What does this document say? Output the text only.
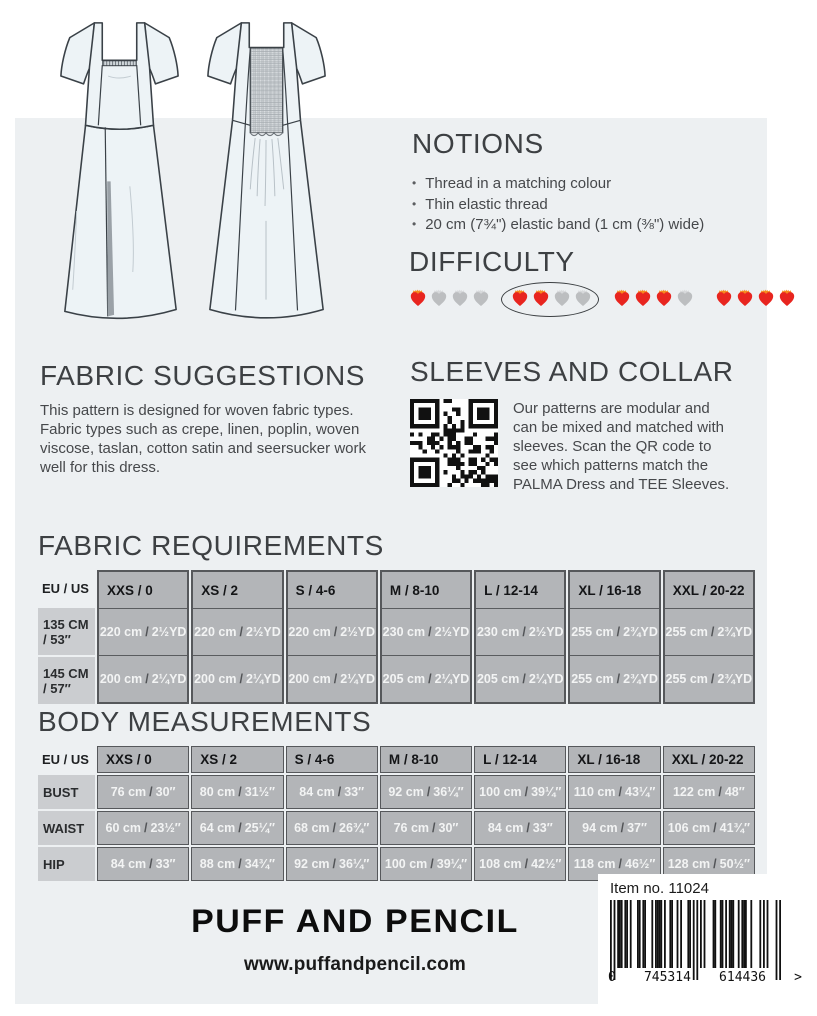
NOTIONS
• Thread in a matching colour
• Thin elastic thread
• 20 cm (7¾") elastic band (1 cm (⅜") wide)
DIFFICULTY
FABRIC SUGGESTIONS

This pattern is designed for woven fabric types. Fabric types such as crepe, linen, poplin, woven viscose, taslan, cotton satin and seersucker work well for this dress.

SLEEVES AND COLLAR

Our patterns are modular and can be mixed and matched with sleeves. Scan the QR code to see which patterns match the PALMA Dress and TEE Sleeves.

FABRIC REQUIREMENTS
EU / US
135 CM
/ 53″
145 CM
/ 57″
XXS / 0
220 cm / 2½YD
200 cm / 2¼YD
XS / 2
220 cm / 2½YD
200 cm / 2¼YD
S / 4-6
220 cm / 2½YD
200 cm / 2¼YD
M / 8-10
230 cm / 2½YD
205 cm / 2¼YD
L / 12-14
230 cm / 2½YD
205 cm / 2¼YD
XL / 16-18
255 cm / 2¾YD
255 cm / 2¾YD
XXL / 20-22
255 cm / 2¾YD
255 cm / 2¾YD
BODY MEASUREMENTS
EU / US
BUST
WAIST
HIP
XXS / 0
76 cm / 30″
60 cm / 23½″
84 cm / 33″
XS / 2
80 cm / 31½″
64 cm / 25¼″
88 cm / 34¾″
S / 4-6
84 cm / 33″
68 cm / 26¾″
92 cm / 36¼″
M / 8-10
92 cm / 36¼″
76 cm / 30″
100 cm / 39¼″
L / 12-14
100 cm / 39¼″
84 cm / 33″
108 cm / 42½″
XL / 16-18
110 cm / 43¼″
94 cm / 37″
118 cm / 46½″
XXL / 20-22
122 cm / 48″
106 cm / 41¾″
128 cm / 50½″
PUFF AND PENCIL
www.puffandpencil.com
Item no. 11024
0 745314 614436 >
